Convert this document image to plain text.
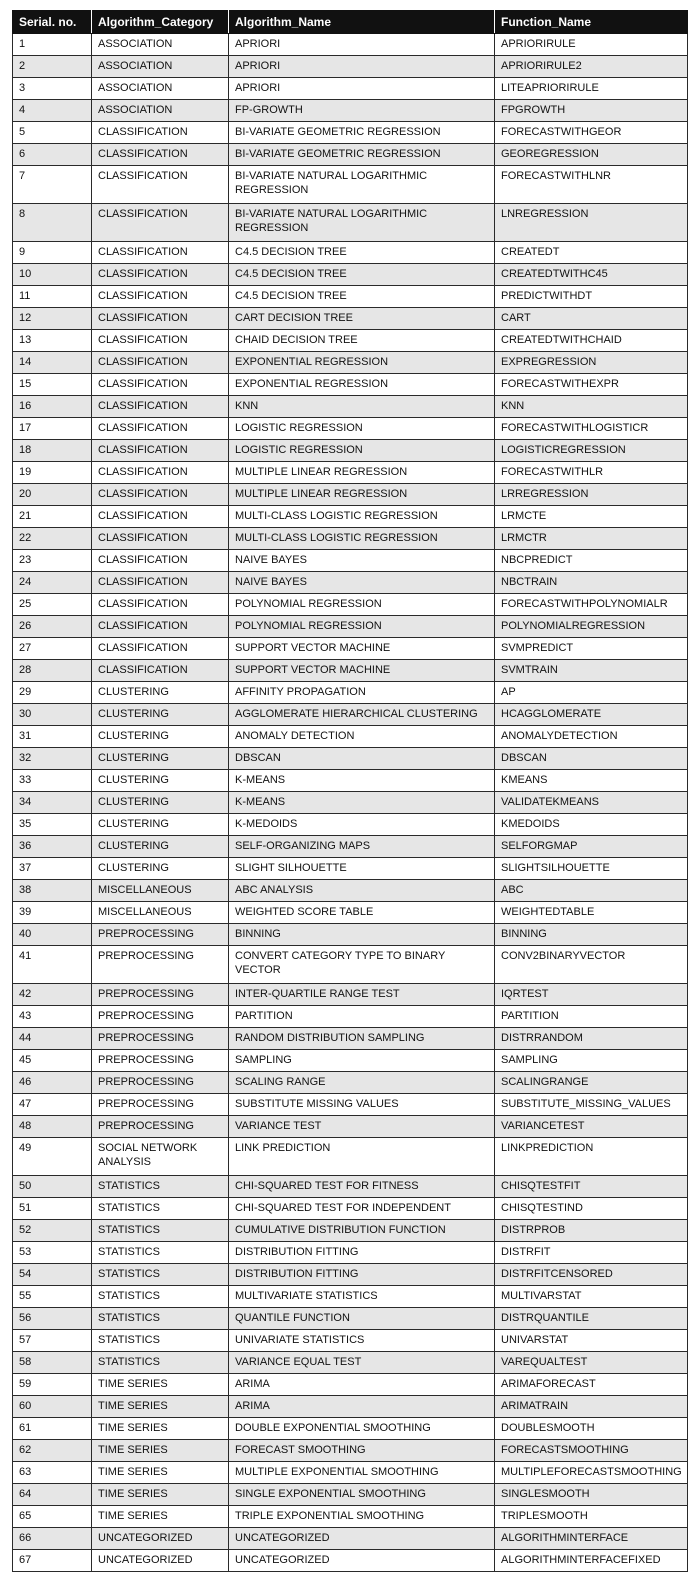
Serial. no.	Algorithm_Category	Algorithm_Name	Function_Name
1	ASSOCIATION	APRIORI	APRIORIRULE
2	ASSOCIATION	APRIORI	APRIORIRULE2
3	ASSOCIATION	APRIORI	LITEAPRIORIRULE
4	ASSOCIATION	FP-GROWTH	FPGROWTH
5	CLASSIFICATION	BI-VARIATE GEOMETRIC REGRESSION	FORECASTWITHGEOR
6	CLASSIFICATION	BI-VARIATE GEOMETRIC REGRESSION	GEOREGRESSION
7	CLASSIFICATION	BI-VARIATE NATURAL LOGARITHMIC REGRESSION	FORECASTWITHLNR
8	CLASSIFICATION	BI-VARIATE NATURAL LOGARITHMIC REGRESSION	LNREGRESSION
9	CLASSIFICATION	C4.5 DECISION TREE	CREATEDT
10	CLASSIFICATION	C4.5 DECISION TREE	CREATEDTWITHC45
11	CLASSIFICATION	C4.5 DECISION TREE	PREDICTWITHDT
12	CLASSIFICATION	CART DECISION TREE	CART
13	CLASSIFICATION	CHAID DECISION TREE	CREATEDTWITHCHAID
14	CLASSIFICATION	EXPONENTIAL REGRESSION	EXPREGRESSION
15	CLASSIFICATION	EXPONENTIAL REGRESSION	FORECASTWITHEXPR
16	CLASSIFICATION	KNN	KNN
17	CLASSIFICATION	LOGISTIC REGRESSION	FORECASTWITHLOGISTICR
18	CLASSIFICATION	LOGISTIC REGRESSION	LOGISTICREGRESSION
19	CLASSIFICATION	MULTIPLE LINEAR REGRESSION	FORECASTWITHLR
20	CLASSIFICATION	MULTIPLE LINEAR REGRESSION	LRREGRESSION
21	CLASSIFICATION	MULTI-CLASS LOGISTIC REGRESSION	LRMCTE
22	CLASSIFICATION	MULTI-CLASS LOGISTIC REGRESSION	LRMCTR
23	CLASSIFICATION	NAIVE BAYES	NBCPREDICT
24	CLASSIFICATION	NAIVE BAYES	NBCTRAIN
25	CLASSIFICATION	POLYNOMIAL REGRESSION	FORECASTWITHPOLYNOMIALR
26	CLASSIFICATION	POLYNOMIAL REGRESSION	POLYNOMIALREGRESSION
27	CLASSIFICATION	SUPPORT VECTOR MACHINE	SVMPREDICT
28	CLASSIFICATION	SUPPORT VECTOR MACHINE	SVMTRAIN
29	CLUSTERING	AFFINITY PROPAGATION	AP
30	CLUSTERING	AGGLOMERATE HIERARCHICAL CLUSTERING	HCAGGLOMERATE
31	CLUSTERING	ANOMALY DETECTION	ANOMALYDETECTION
32	CLUSTERING	DBSCAN	DBSCAN
33	CLUSTERING	K-MEANS	KMEANS
34	CLUSTERING	K-MEANS	VALIDATEKMEANS
35	CLUSTERING	K-MEDOIDS	KMEDOIDS
36	CLUSTERING	SELF-ORGANIZING MAPS	SELFORGMAP
37	CLUSTERING	SLIGHT SILHOUETTE	SLIGHTSILHOUETTE
38	MISCELLANEOUS	ABC ANALYSIS	ABC
39	MISCELLANEOUS	WEIGHTED SCORE TABLE	WEIGHTEDTABLE
40	PREPROCESSING	BINNING	BINNING
41	PREPROCESSING	CONVERT CATEGORY TYPE TO BINARY VECTOR	CONV2BINARYVECTOR
42	PREPROCESSING	INTER-QUARTILE RANGE TEST	IQRTEST
43	PREPROCESSING	PARTITION	PARTITION
44	PREPROCESSING	RANDOM DISTRIBUTION SAMPLING	DISTRRANDOM
45	PREPROCESSING	SAMPLING	SAMPLING
46	PREPROCESSING	SCALING RANGE	SCALINGRANGE
47	PREPROCESSING	SUBSTITUTE MISSING VALUES	SUBSTITUTE_MISSING_VALUES
48	PREPROCESSING	VARIANCE TEST	VARIANCETEST
49	SOCIAL NETWORK ANALYSIS	LINK PREDICTION	LINKPREDICTION
50	STATISTICS	CHI-SQUARED TEST FOR FITNESS	CHISQTESTFIT
51	STATISTICS	CHI-SQUARED TEST FOR INDEPENDENT	CHISQTESTIND
52	STATISTICS	CUMULATIVE DISTRIBUTION FUNCTION	DISTRPROB
53	STATISTICS	DISTRIBUTION FITTING	DISTRFIT
54	STATISTICS	DISTRIBUTION FITTING	DISTRFITCENSORED
55	STATISTICS	MULTIVARIATE STATISTICS	MULTIVARSTAT
56	STATISTICS	QUANTILE FUNCTION	DISTRQUANTILE
57	STATISTICS	UNIVARIATE STATISTICS	UNIVARSTAT
58	STATISTICS	VARIANCE EQUAL TEST	VAREQUALTEST
59	TIME SERIES	ARIMA	ARIMAFORECAST
60	TIME SERIES	ARIMA	ARIMATRAIN
61	TIME SERIES	DOUBLE EXPONENTIAL SMOOTHING	DOUBLESMOOTH
62	TIME SERIES	FORECAST SMOOTHING	FORECASTSMOOTHING
63	TIME SERIES	MULTIPLE EXPONENTIAL SMOOTHING	MULTIPLEFORECASTSMOOTHING
64	TIME SERIES	SINGLE EXPONENTIAL SMOOTHING	SINGLESMOOTH
65	TIME SERIES	TRIPLE EXPONENTIAL SMOOTHING	TRIPLESMOOTH
66	UNCATEGORIZED	UNCATEGORIZED	ALGORITHMINTERFACE
67	UNCATEGORIZED	UNCATEGORIZED	ALGORITHMINTERFACEFIXED
